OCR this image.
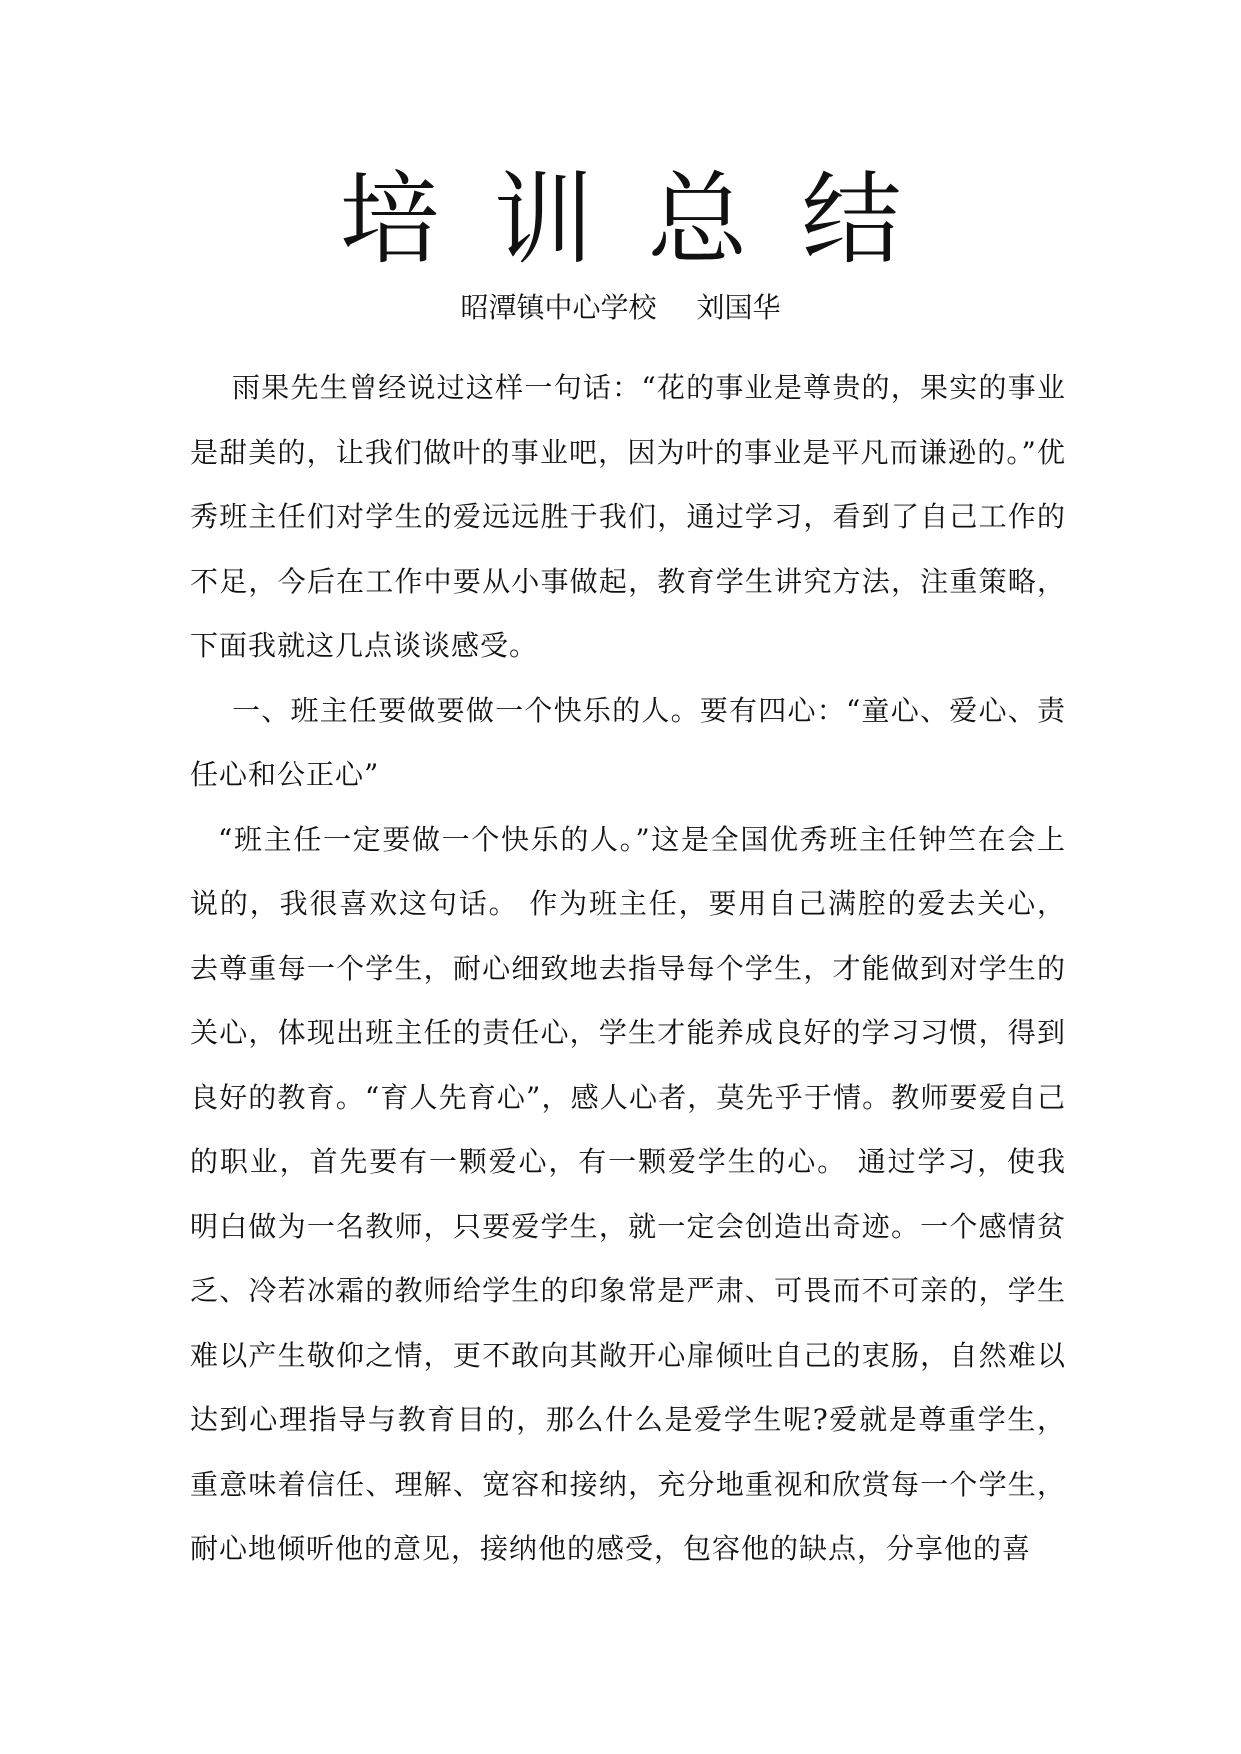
培训总结
昭潭镇中心学校 刘国华

雨果先生曾经说过这样一句话：“花的事业是尊贵的，果实的事业是甜美的，让我们做叶的事业吧，因为叶的事业是平凡而谦逊的。”优秀班主任们对学生的爱远远胜于我们，通过学习，看到了自己工作的不足，今后在工作中要从小事做起，教育学生讲究方法，注重策略，下面我就这几点谈谈感受。

一、班主任要做要做一个快乐的人。要有四心：“童心、爱心、责任心和公正心”

“班主任一定要做一个快乐的人。”这是全国优秀班主任钟竺在会上说的，我很喜欢这句话。 作为班主任，要用自己满腔的爱去关心，去尊重每一个学生，耐心细致地去指导每个学生，才能做到对学生的关心，体现出班主任的责任心，学生才能养成良好的学习习惯，得到良好的教育。“育人先育心”，感人心者，莫先乎于情。教师要爱自己的职业，首先要有一颗爱心，有一颗爱学生的心。 通过学习，使我明白做为一名教师，只要爱学生，就一定会创造出奇迹。一个感情贫乏、冷若冰霜的教师给学生的印象常是严肃、可畏而不可亲的，学生难以产生敬仰之情，更不敢向其敞开心扉倾吐自己的衷肠，自然难以达到心理指导与教育目的，那么什么是爱学生呢?爱就是尊重学生，重意味着信任、理解、宽容和接纳，充分地重视和欣赏每一个学生，耐心地倾听他的意见，接纳他的感受，包容他的缺点，分享他的喜
